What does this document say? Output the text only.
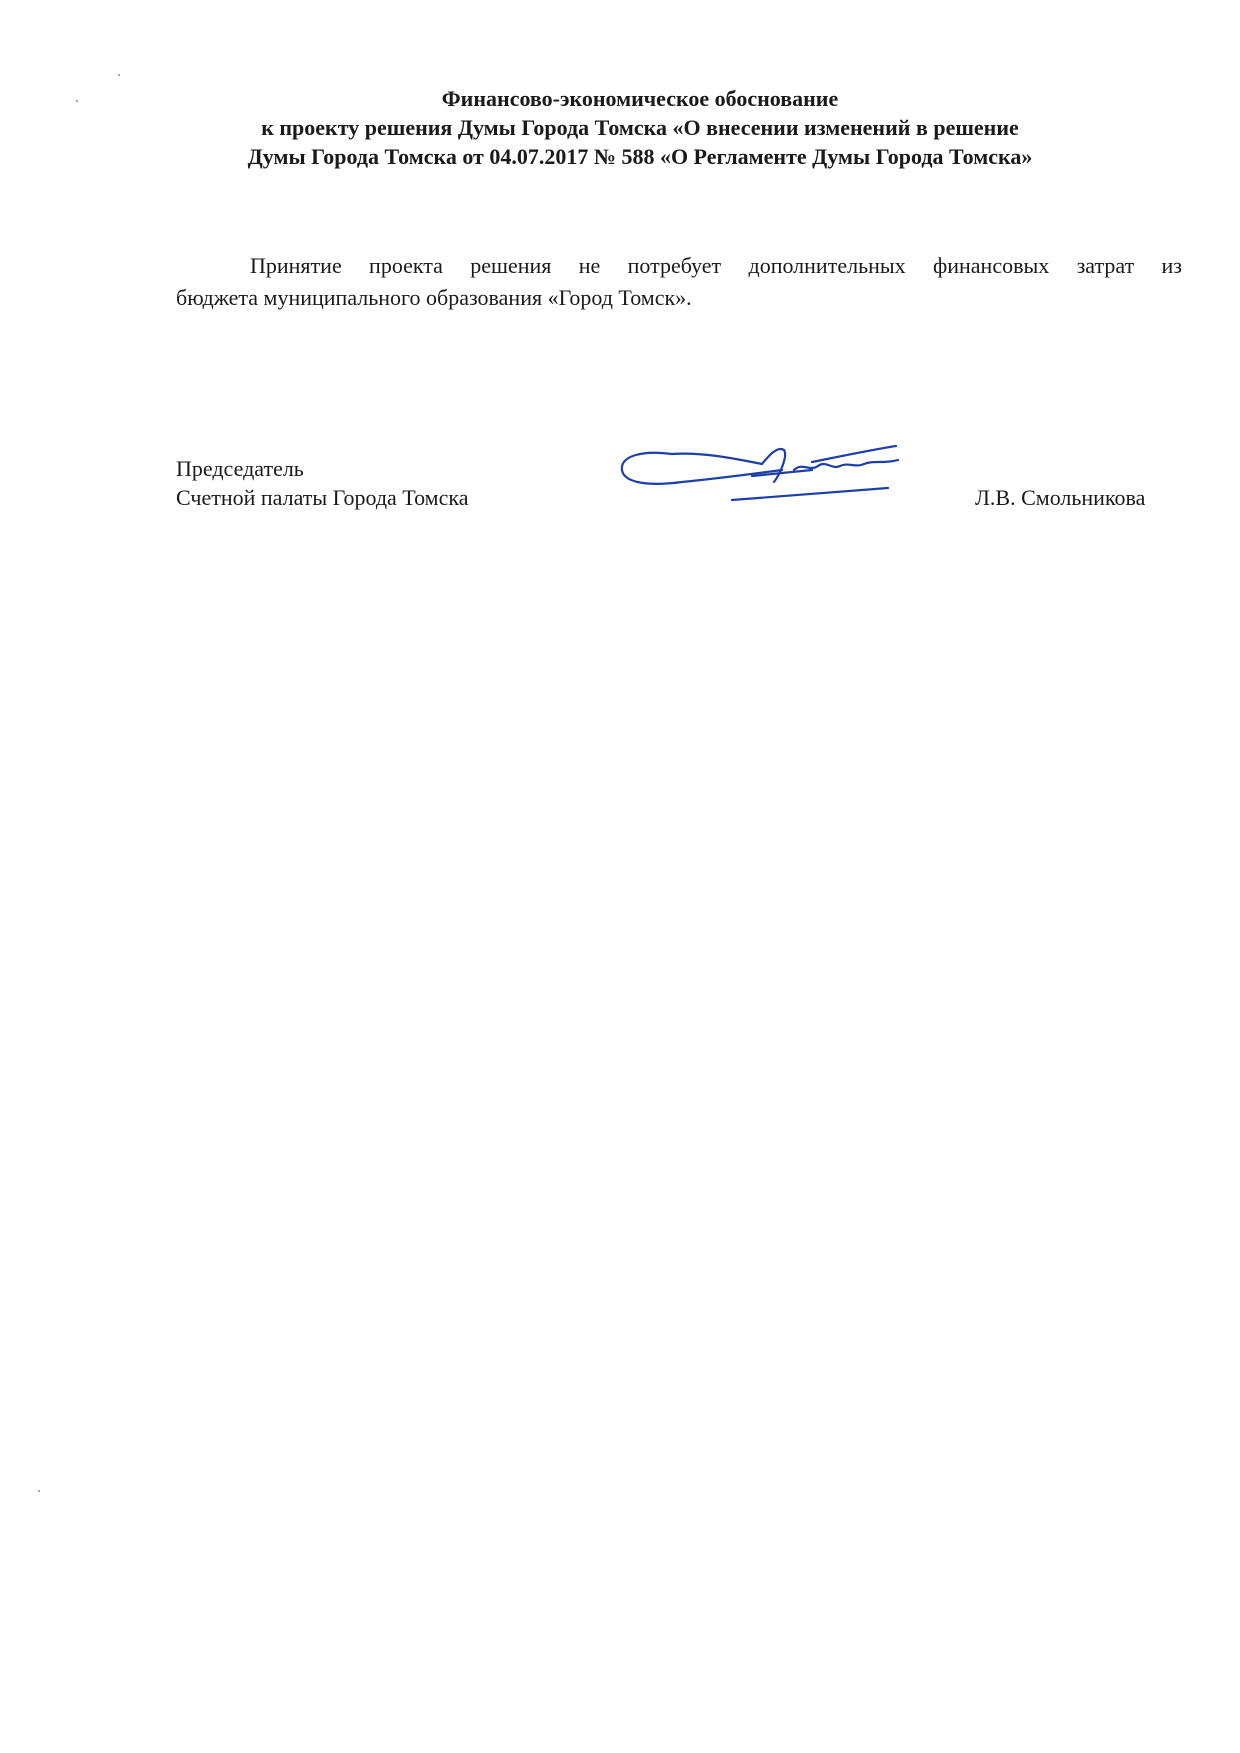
Финансово-экономическое обоснование
к проекту решения Думы Города Томска «О внесении изменений в решение
Думы Города Томска от 04.07.2017 № 588 «О Регламенте Думы Города Томска»
Принятие проекта решения не потребует дополнительных финансовых затрат из
бюджета муниципального образования «Город Томск».
Председатель
Счетной палаты Города Томска	Л.В. Смольникова
